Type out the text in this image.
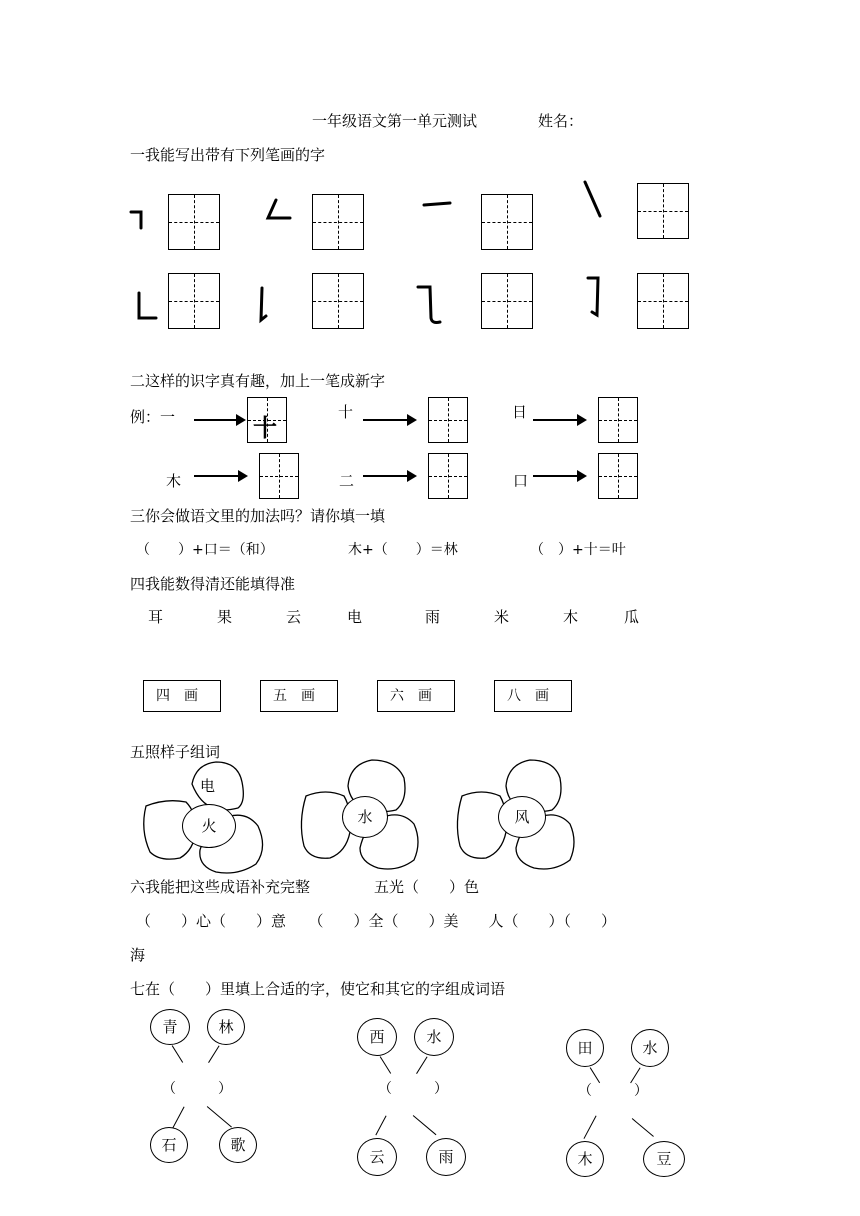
一年级语文第一单元测试	姓名：
一我能写出带有下列笔画的字
二这样的识字真有趣，加上一笔成新字
例：一	十
十	日
木	二	口
三你会做语文里的加法吗？请你填一填
（　　）+口＝（和）	木+（　　）＝林	（　）+十＝叶
四我能数得清还能填得准
耳	果	云	电	雨	米	木	瓜
四　画	五　画	六　画	八　画
五照样子组词
电
火	水	风
六我能把这些成语补充完整	五光（　　）色
（　　）心（　　）意　　（　　）全（　　）美　　人（　　）（　　）
海
七在（　　）里填上合适的字，使它和其它的字组成词语
青	林
（　　　）
石	歌
西	水
（　　　）
云	雨
田	水
（　　　）
木	豆
